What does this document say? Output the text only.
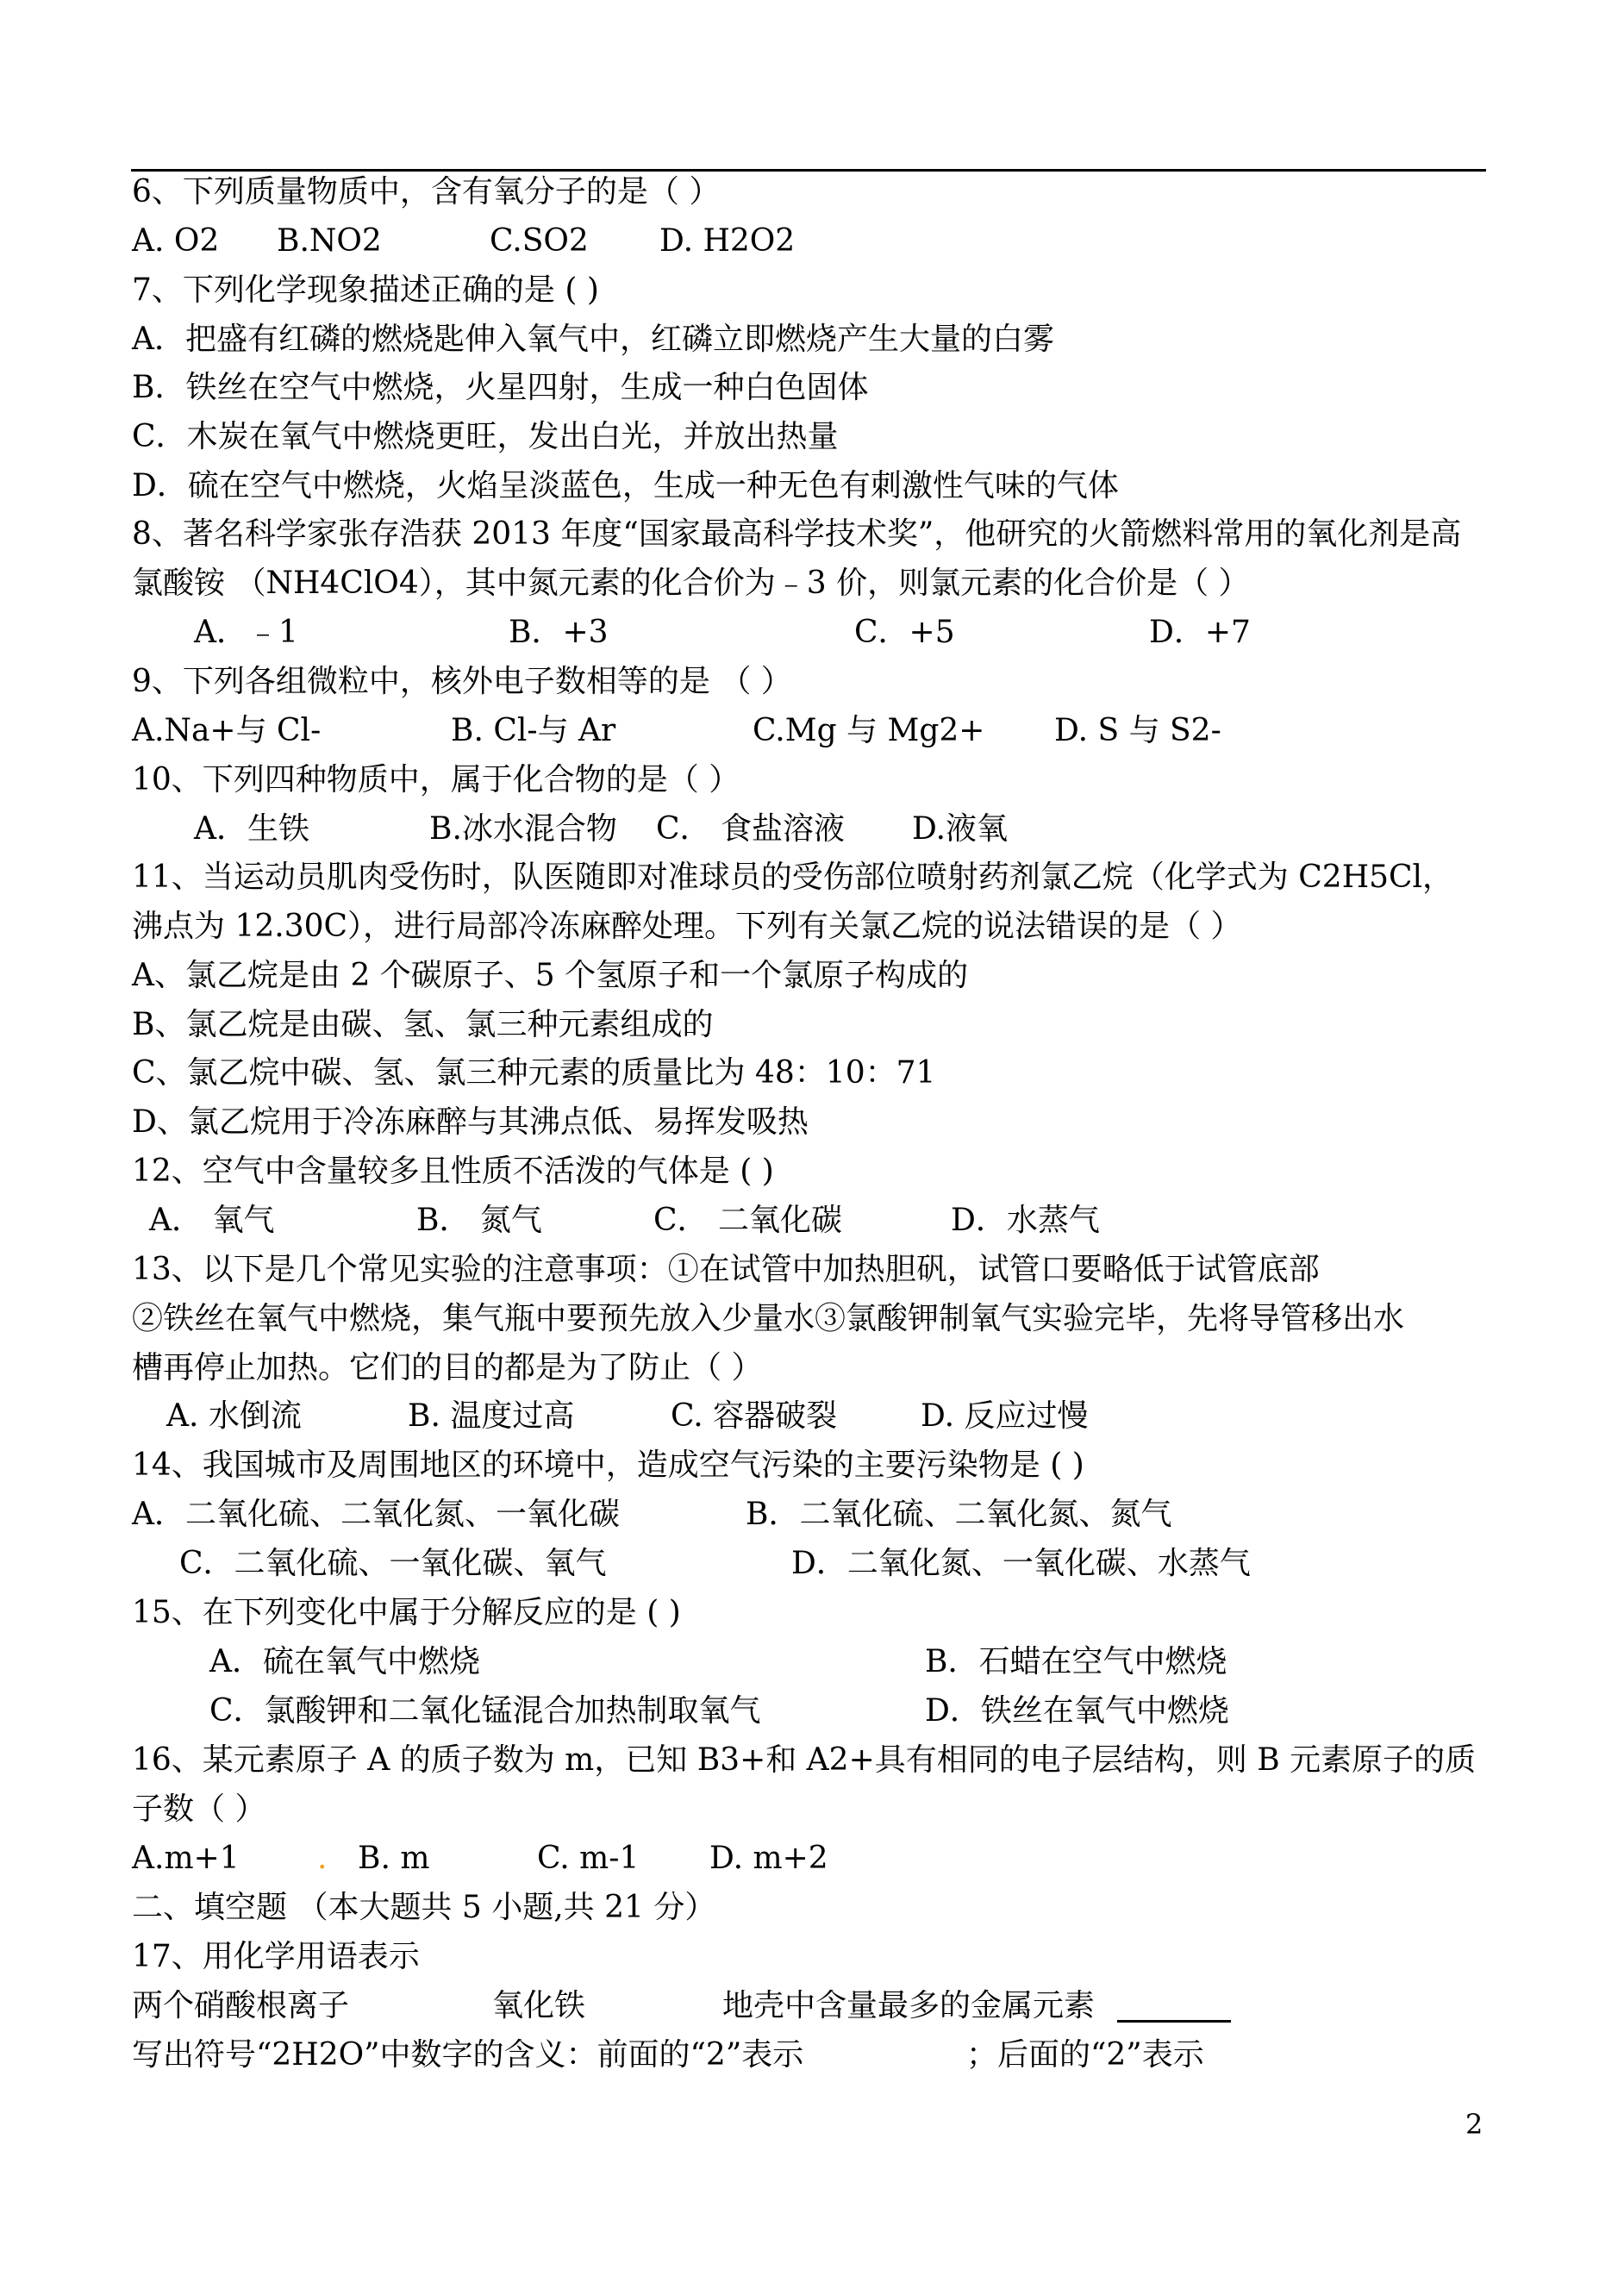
6、下列质量物质中，含有氧分子的是（ ）
A. O2 B.NO2	C.SO2 D. H2O2
7、下列化学现象描述正确的是 ( )
A．把盛有红磷的燃烧匙伸入氧气中，红磷立即燃烧产生大量的白雾
B．铁丝在空气中燃烧，火星四射，生成一种白色固体
C．木炭在氧气中燃烧更旺，发出白光，并放出热量
D．硫在空气中燃烧，火焰呈淡蓝色，生成一种无色有刺激性气味的气体
8、著名科学家张存浩获 2013 年度“国家最高科学技术奖”，他研究的火箭燃料常用的氧化剂是高
氯酸铵 （NH4ClO4），其中氮元素的化合价为﹣3 价，则氯元素的化合价是（ ）
A．﹣1	B．+3	C．+5	D．+7
9、下列各组微粒中，核外电子数相等的是 （ ）
A.Na+与 Cl-	B. Cl-与 Ar	C.Mg 与 Mg2+ D. S 与 S2-
10、下列四种物质中，属于化合物的是（ ）
A．生铁	B.冰水混合物 C． 食盐溶液 D.液氧
11、当运动员肌肉受伤时，队医随即对准球员的受伤部位喷射药剂氯乙烷（化学式为 C2H5Cl，
沸点为 12.30C），进行局部冷冻麻醉处理。下列有关氯乙烷的说法错误的是（ ）
A、氯乙烷是由 2 个碳原子、5 个氢原子和一个氯原子构成的
B、氯乙烷是由碳、氢、氯三种元素组成的
C、氯乙烷中碳、氢、氯三种元素的质量比为 48：10：71
D、氯乙烷用于冷冻麻醉与其沸点低、易挥发吸热
12、空气中含量较多且性质不活泼的气体是 ( )
A． 氧气	B． 氮气	C． 二氧化碳	D．水蒸气
13、以下是几个常见实验的注意事项：①在试管中加热胆矾，试管口要略低于试管底部
②铁丝在氧气中燃烧，集气瓶中要预先放入少量水③氯酸钾制氧气实验完毕，先将导管移出水
槽再停止加热。它们的目的都是为了防止（ ）
A. 水倒流	B. 温度过高	C. 容器破裂	D. 反应过慢
14、我国城市及周围地区的环境中，造成空气污染的主要污染物是 ( )
A．二氧化硫、二氧化氮、一氧化碳	B．二氧化硫、二氧化氮、氮气
C．二氧化硫、一氧化碳、氧气	D．二氧化氮、一氧化碳、水蒸气
15、在下列变化中属于分解反应的是 ( )
A．硫在氧气中燃烧	B．石蜡在空气中燃烧
C．氯酸钾和二氧化锰混合加热制取氧气	D．铁丝在氧气中燃烧
16、某元素原子 A 的质子数为 m，已知 B3+和 A2+具有相同的电子层结构，则 B 元素原子的质
子数（ ）
A.m+1	. B. m	C. m-1 D. m+2
二、填空题 （本大题共 5 小题,共 21 分）
17、用化学用语表示
两个硝酸根离子	氧化铁	地壳中含量最多的金属元素
写出符号“2H2O”中数字的含义：前面的“2”表示	；后面的“2”表示
2
